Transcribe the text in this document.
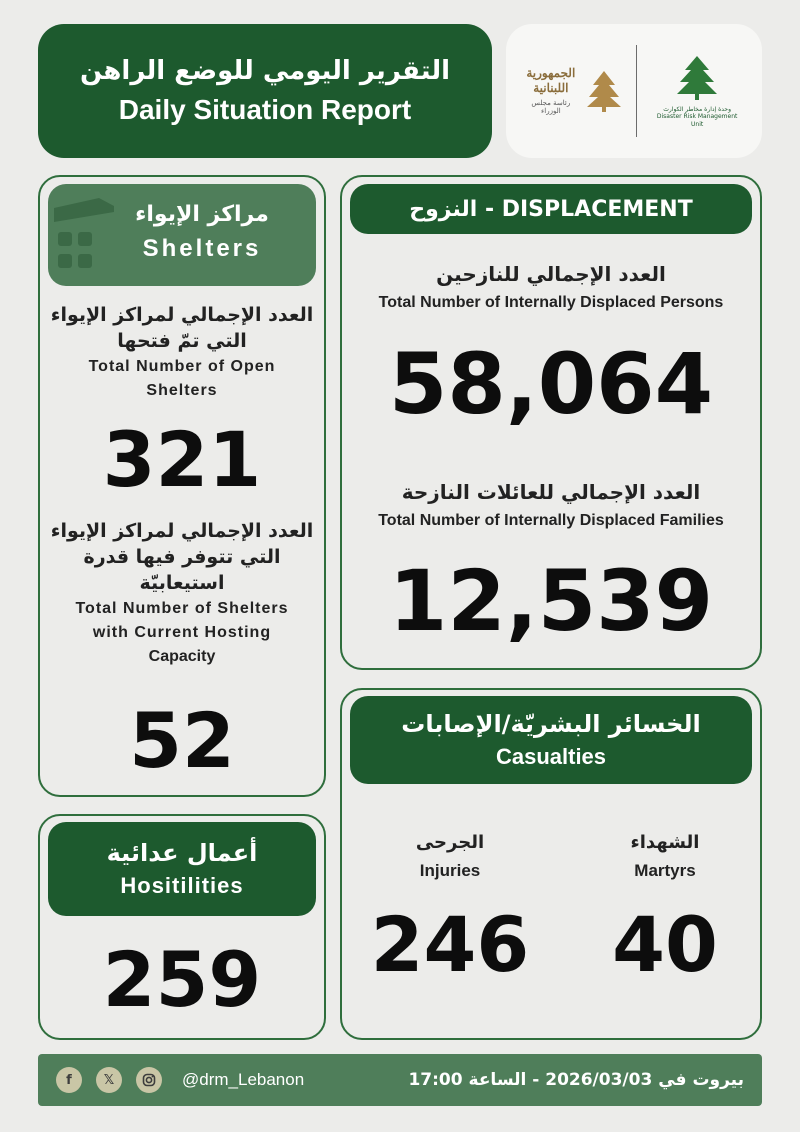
التقرير اليومي للوضع الراهن
Daily Situation Report
الجمهورية اللبنانية
رئاسة مجلس الوزراء	وحدة إدارة مخاطر الكوارث
Disaster Risk Management Unit
مراكز الإيواء
Shelters
العدد الإجمالي لمراكز الإيواء
التي تمّ فتحها
Total Number of Open
Shelters
321
العدد الإجمالي لمراكز الإيواء
التي تتوفر فيها قدرة
استيعابيّة
Total Number of Shelters
with Current Hosting
Capacity
52
النزوح - DISPLACEMENT
العدد الإجمالي للنازحين
Total Number of Internally Displaced Persons
58,064
العدد الإجمالي للعائلات النازحة
Total Number of Internally Displaced Families
12,539
الخسائر البشريّة/الإصابات
Casualties
الجرحى
Injuries
246
الشهداء
Martyrs
40
أعمال عدائية
Hositilities
259
f	𝕏	@drm_Lebanon	بيروت في 2026/03/03 - الساعة 17:00
